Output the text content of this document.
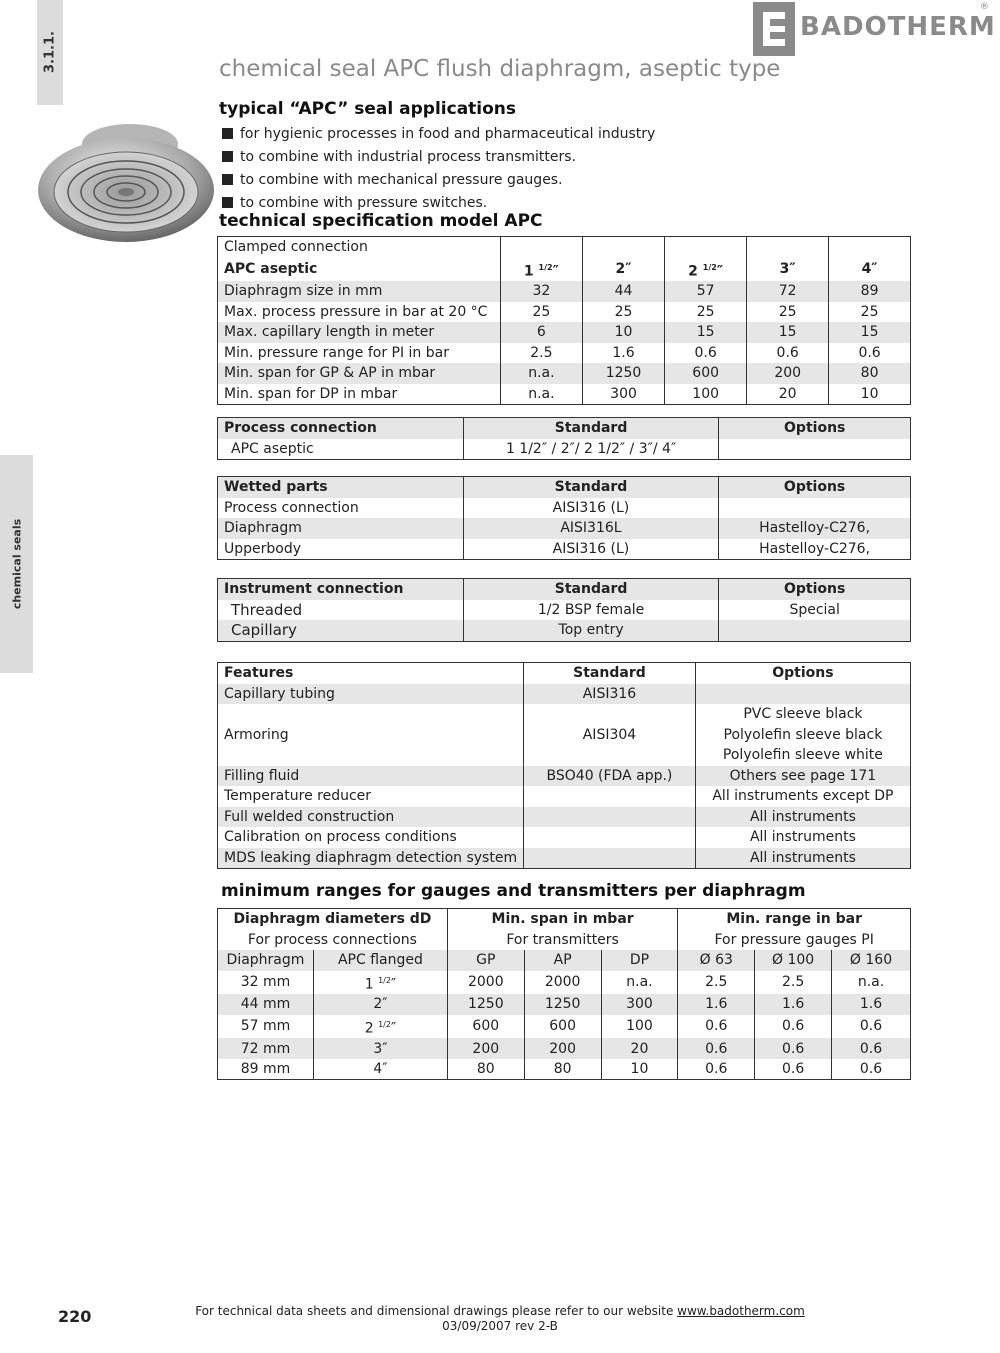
3.1.1.
chemical seals
BADOTHERM
®
chemical seal APC flush diaphragm, aseptic type
typical “APC” seal applications
for hygienic processes in food and pharmaceutical industry
to combine with industrial process transmitters.
to combine with mechanical pressure gauges.
to combine with pressure switches.
technical specification model APC
Clamped connection					
APC aseptic	1 $^{1/2}$″	2″	2 $^{1/2}$″	3″	4″
Diaphragm size in mm	32	44	57	72	89
Max. process pressure in bar at 20 °C	25	25	25	25	25
Max. capillary length in meter	6	10	15	15	15
Min. pressure range for PI in bar	2.5	1.6	0.6	0.6	0.6
Min. span for GP & AP in mbar	n.a.	1250	600	200	80
Min. span for DP in mbar	n.a.	300	100	20	10
Process connection	Standard	Options
APC aseptic	1 1/2″ / 2″/ 2 1/2″ / 3″/ 4″	
Wetted parts	Standard	Options
Process connection	AISI316 (L)	
Diaphragm	AISI316L	Hastelloy-C276,
Upperbody	AISI316 (L)	Hastelloy-C276,
Instrument connection	Standard	Options
Threaded	1/2 BSP female	Special
Capillary	Top entry	
Features	Standard	Options
Capillary tubing	AISI316	
		PVC sleeve black
Armoring	AISI304	Polyolefin sleeve black
		Polyolefin sleeve white
Filling fluid	BSO40 (FDA app.)	Others see page 171
Temperature reducer		All instruments except DP
Full welded construction		All instruments
Calibration on process conditions		All instruments
MDS leaking diaphragm detection system		All instruments
minimum ranges for gauges and transmitters per diaphragm
Diaphragm diameters dD		Min. span in mbar			Min. range in bar		
For process connections		For transmitters			For pressure gauges PI		
Diaphragm	APC flanged	GP	AP	DP	Ø 63	Ø 100	Ø 160
32 mm	1 $^{1/2}$″	2000	2000	n.a.	2.5	2.5	n.a.
44 mm	2″	1250	1250	300	1.6	1.6	1.6
57 mm	2 $^{1/2}$″	600	600	100	0.6	0.6	0.6
72 mm	3″	200	200	20	0.6	0.6	0.6
89 mm	4″	80	80	10	0.6	0.6	0.6
220	For technical data sheets and dimensional drawings please refer to our website www.badotherm.com
03/09/2007 rev 2-B
